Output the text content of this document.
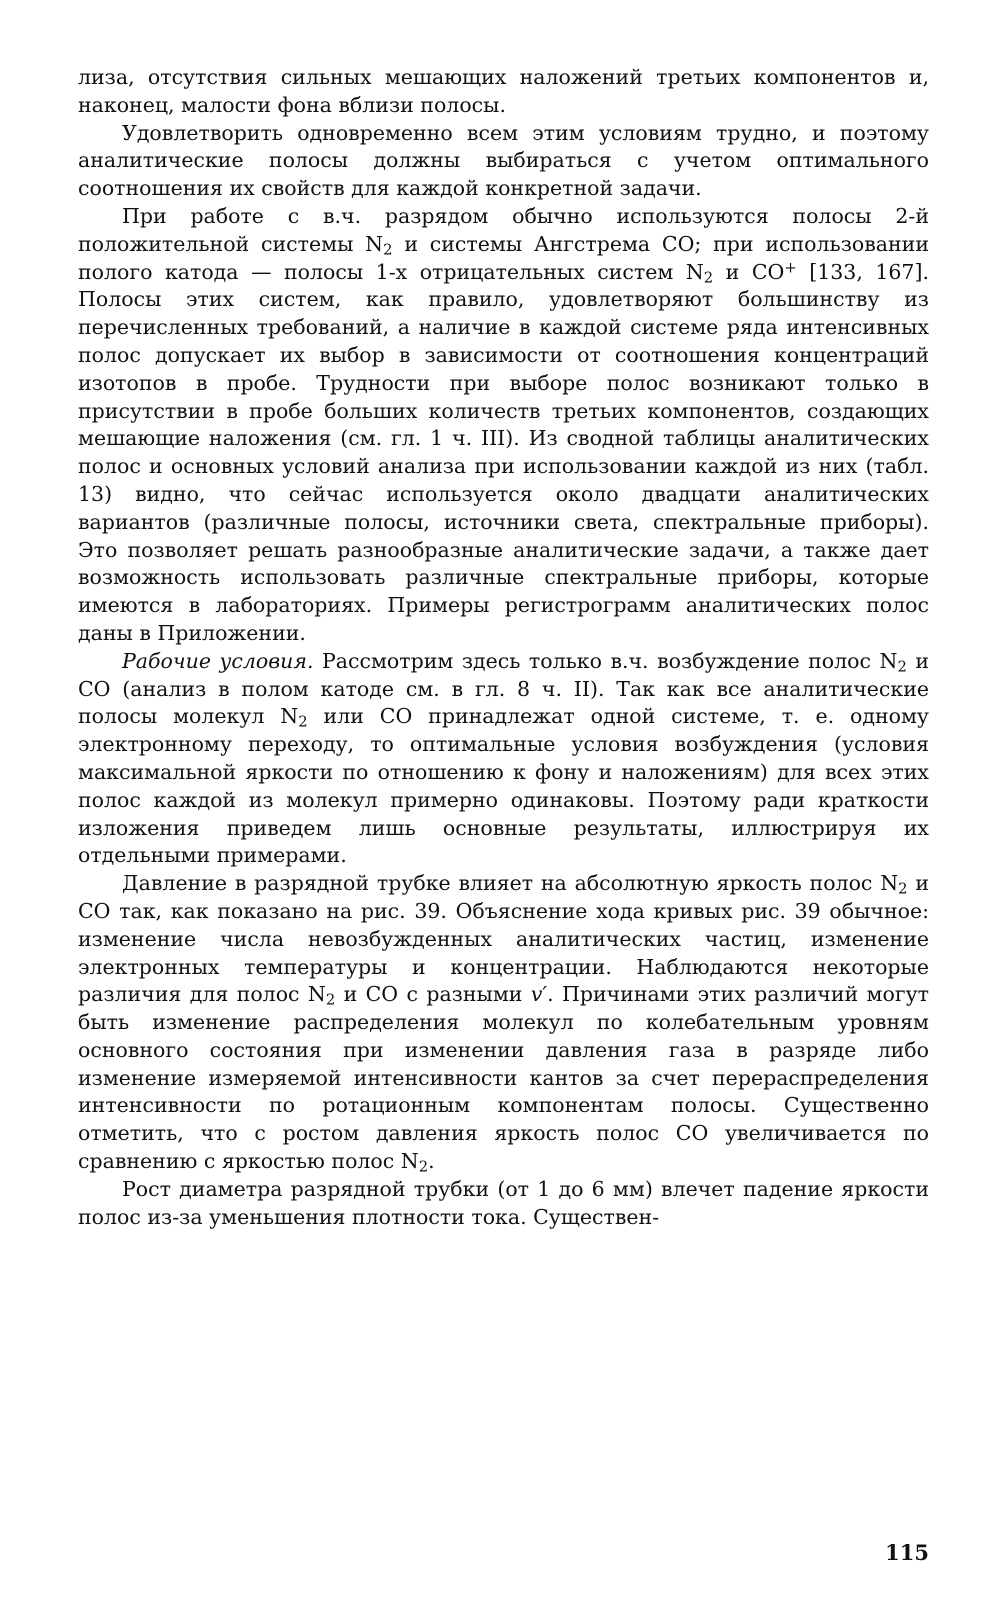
лиза, отсутствия сильных мешающих наложений третьих компонентов и, наконец, малости фона вблизи полосы.

Удовлетворить одновременно всем этим условиям трудно, и поэтому аналитические полосы должны выбираться с учетом оптимального соотношения их свойств для каждой конкретной задачи.

При работе с в.ч. разрядом обычно используются полосы 2-й положительной системы $N_2$ и системы Ангстрема CO; при использовании полого катода — полосы 1-х отрицательных систем $N_2$ и CO+ [133, 167]. Полосы этих систем, как правило, удовлетворяют большинству из перечисленных требований, а наличие в каждой системе ряда интенсивных полос допускает их выбор в зависимости от соотношения концентраций изотопов в пробе. Трудности при выборе полос возникают только в присутствии в пробе больших количеств третьих компонентов, создающих мешающие наложения (см. гл. 1 ч. III). Из сводной таблицы аналитических полос и основных условий анализа при использовании каждой из них (табл. 13) видно, что сейчас используется около двадцати аналитических вариантов (различные полосы, источники света, спектральные приборы). Это позволяет решать разнообразные аналитические задачи, а также дает возможность использовать различные спектральные приборы, которые имеются в лабораториях. Примеры регистрограмм аналитических полос даны в Приложении.

Рабочие условия. Рассмотрим здесь только в.ч. возбуждение полос $N_2$ и CO (анализ в полом катоде см. в гл. 8 ч. II). Так как все аналитические полосы молекул $N_2$ или CO принадлежат одной системе, т. е. одному электронному переходу, то оптимальные условия возбуждения (условия максимальной яркости по отношению к фону и наложениям) для всех этих полос каждой из молекул примерно одинаковы. Поэтому ради краткости изложения приведем лишь основные результаты, иллюстрируя их отдельными примерами.

Давление в разрядной трубке влияет на абсолютную яркость полос $N_2$ и CO так, как показано на рис. 39. Объяснение хода кривых рис. 39 обычное: изменение числа невозбужденных аналитических частиц, изменение электронных температуры и концентрации. Наблюдаются некоторые различия для полос $N_2$ и CO с разными v′. Причинами этих различий могут быть изменение распределения молекул по колебательным уровням основного состояния при изменении давления газа в разряде либо изменение измеряемой интенсивности кантов за счет перераспределения интенсивности по ротационным компонентам полосы. Существенно отметить, что с ростом давления яркость полос CO увеличивается по сравнению с яркостью полос $N_2$.

Рост диаметра разрядной трубки (от 1 до 6 мм) влечет падение яркости полос из-за уменьшения плотности тока. Существен-

115
